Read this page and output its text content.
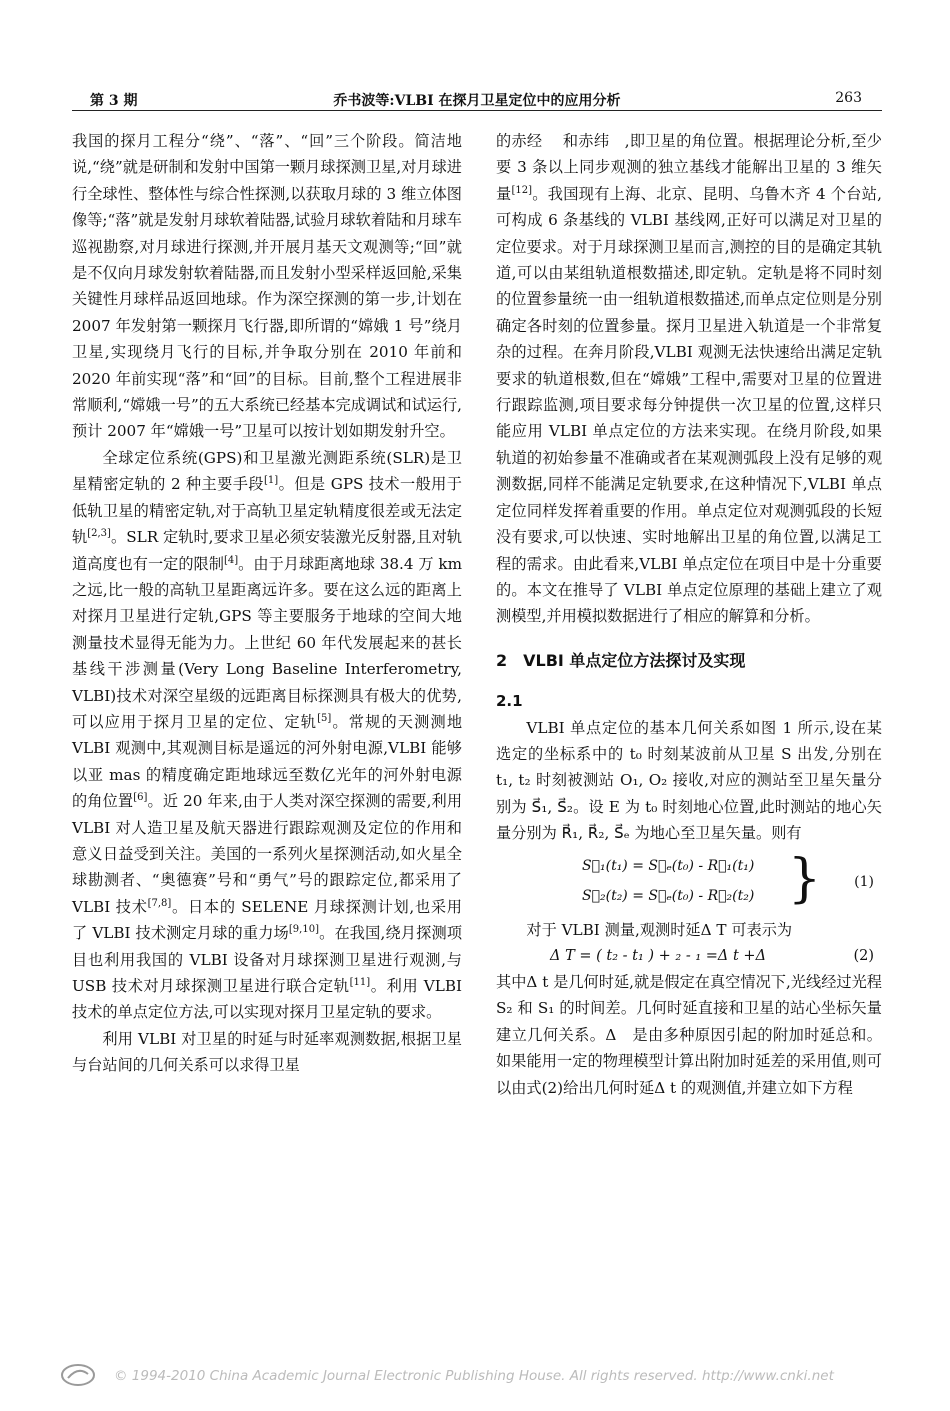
第 3 期	乔书波等:VLBI 在探月卫星定位中的应用分析	263

我国的探月工程分“绕”、“落”、“回”三个阶段。简洁地说,“绕”就是研制和发射中国第一颗月球探测卫星,对月球进行全球性、整体性与综合性探测,以获取月球的 3 维立体图像等;“落”就是发射月球软着陆器,试验月球软着陆和月球车巡视勘察,对月球进行探测,并开展月基天文观测等;“回”就是不仅向月球发射软着陆器,而且发射小型采样返回舱,采集关键性月球样品返回地球。作为深空探测的第一步,计划在 2007 年发射第一颗探月飞行器,即所谓的“嫦娥 1 号”绕月卫星,实现绕月飞行的目标,并争取分别在 2010 年前和 2020 年前实现“落”和“回”的目标。目前,整个工程进展非常顺利,“嫦娥一号”的五大系统已经基本完成调试和试运行,预计 2007 年“嫦娥一号”卫星可以按计划如期发射升空。

全球定位系统(GPS)和卫星激光测距系统(SLR)是卫星精密定轨的 2 种主要手段[1]。但是 GPS 技术一般用于低轨卫星的精密定轨,对于高轨卫星定轨精度很差或无法定轨[2,3]。SLR 定轨时,要求卫星必须安装激光反射器,且对轨道高度也有一定的限制[4]。由于月球距离地球 38.4 万 km之远,比一般的高轨卫星距离远许多。要在这么远的距离上对探月卫星进行定轨,GPS 等主要服务于地球的空间大地测量技术显得无能为力。上世纪 60 年代发展起来的甚长基线干涉测量(Very Long Baseline Interferometry, VLBI)技术对深空星级的远距离目标探测具有极大的优势,可以应用于探月卫星的定位、定轨[5]。常规的天测测地 VLBI 观测中,其观测目标是遥远的河外射电源,VLBI 能够以亚 mas 的精度确定距地球远至数亿光年的河外射电源的角位置[6]。近 20 年来,由于人类对深空探测的需要,利用 VLBI 对人造卫星及航天器进行跟踪观测及定位的作用和意义日益受到关注。美国的一系列火星探测活动,如火星全球勘测者、“奥德赛”号和“勇气”号的跟踪定位,都采用了 VLBI 技术[7,8]。日本的 SELENE 月球探测计划,也采用了 VLBI 技术测定月球的重力场[9,10]。在我国,绕月探测项目也利用我国的 VLBI 设备对月球探测卫星进行观测,与 USB 技术对月球探测卫星进行联合定轨[11]。利用 VLBI 技术的单点定位方法,可以实现对探月卫星定轨的要求。

利用 VLBI 对卫星的时延与时延率观测数据,根据卫星与台站间的几何关系可以求得卫星

的赤经　 和赤纬　,即卫星的角位置。根据理论分析,至少要 3 条以上同步观测的独立基线才能解出卫星的 3 维矢量[12]。我国现有上海、北京、昆明、乌鲁木齐 4 个台站,可构成 6 条基线的 VLBI 基线网,正好可以满足对卫星的定位要求。对于月球探测卫星而言,测控的目的是确定其轨道,可以由某组轨道根数描述,即定轨。定轨是将不同时刻的位置参量统一由一组轨道根数描述,而单点定位则是分别确定各时刻的位置参量。探月卫星进入轨道是一个非常复杂的过程。在奔月阶段,VLBI 观测无法快速给出满足定轨要求的轨道根数,但在“嫦娥”工程中,需要对卫星的位置进行跟踪监测,项目要求每分钟提供一次卫星的位置,这样只能应用 VLBI 单点定位的方法来实现。在绕月阶段,如果轨道的初始参量不准确或者在某观测弧段上没有足够的观测数据,同样不能满足定轨要求,在这种情况下,VLBI 单点定位同样发挥着重要的作用。单点定位对观测弧段的长短没有要求,可以快速、实时地解出卫星的角位置,以满足工程的需求。由此看来,VLBI 单点定位在项目中是十分重要的。本文在推导了 VLBI 单点定位原理的基础上建立了观测模型,并用模拟数据进行了相应的解算和分析。

2　VLBI 单点定位方法探讨及实现
2.1

VLBI 单点定位的基本几何关系如图 1 所示,设在某选定的坐标系中的 t₀ 时刻某波前从卫星 S 出发,分别在 t₁, t₂ 时刻被测站 O₁, O₂ 接收,对应的测站至卫星矢量分别为 S⃗₁, S⃗₂。设 E 为 t₀ 时刻地心位置,此时测站的地心矢量分别为 R⃗₁, R⃗₂, S⃗ₑ 为地心至卫星矢量。则有

S⃗₁(t₁) = S⃗ₑ(t₀) - R⃗₁(t₁)
S⃗₂(t₂) = S⃗ₑ(t₀) - R⃗₂(t₂) } (1)

对于 VLBI 测量,观测时延Δ T 可表示为

Δ T = ( t₂ - t₁ ) + ₂ - ₁ =Δ t +Δ	(2)

其中Δ t 是几何时延,就是假定在真空情况下,光线经过光程 S₂ 和 S₁ 的时间差。几何时延直接和卫星的站心坐标矢量建立几何关系。Δ　是由多种原因引起的附加时延总和。如果能用一定的物理模型计算出附加时延差的采用值,则可以由式(2)给出几何时延Δ t 的观测值,并建立如下方程

© 1994-2010 China Academic Journal Electronic Publishing House. All rights reserved. http://www.cnki.net
